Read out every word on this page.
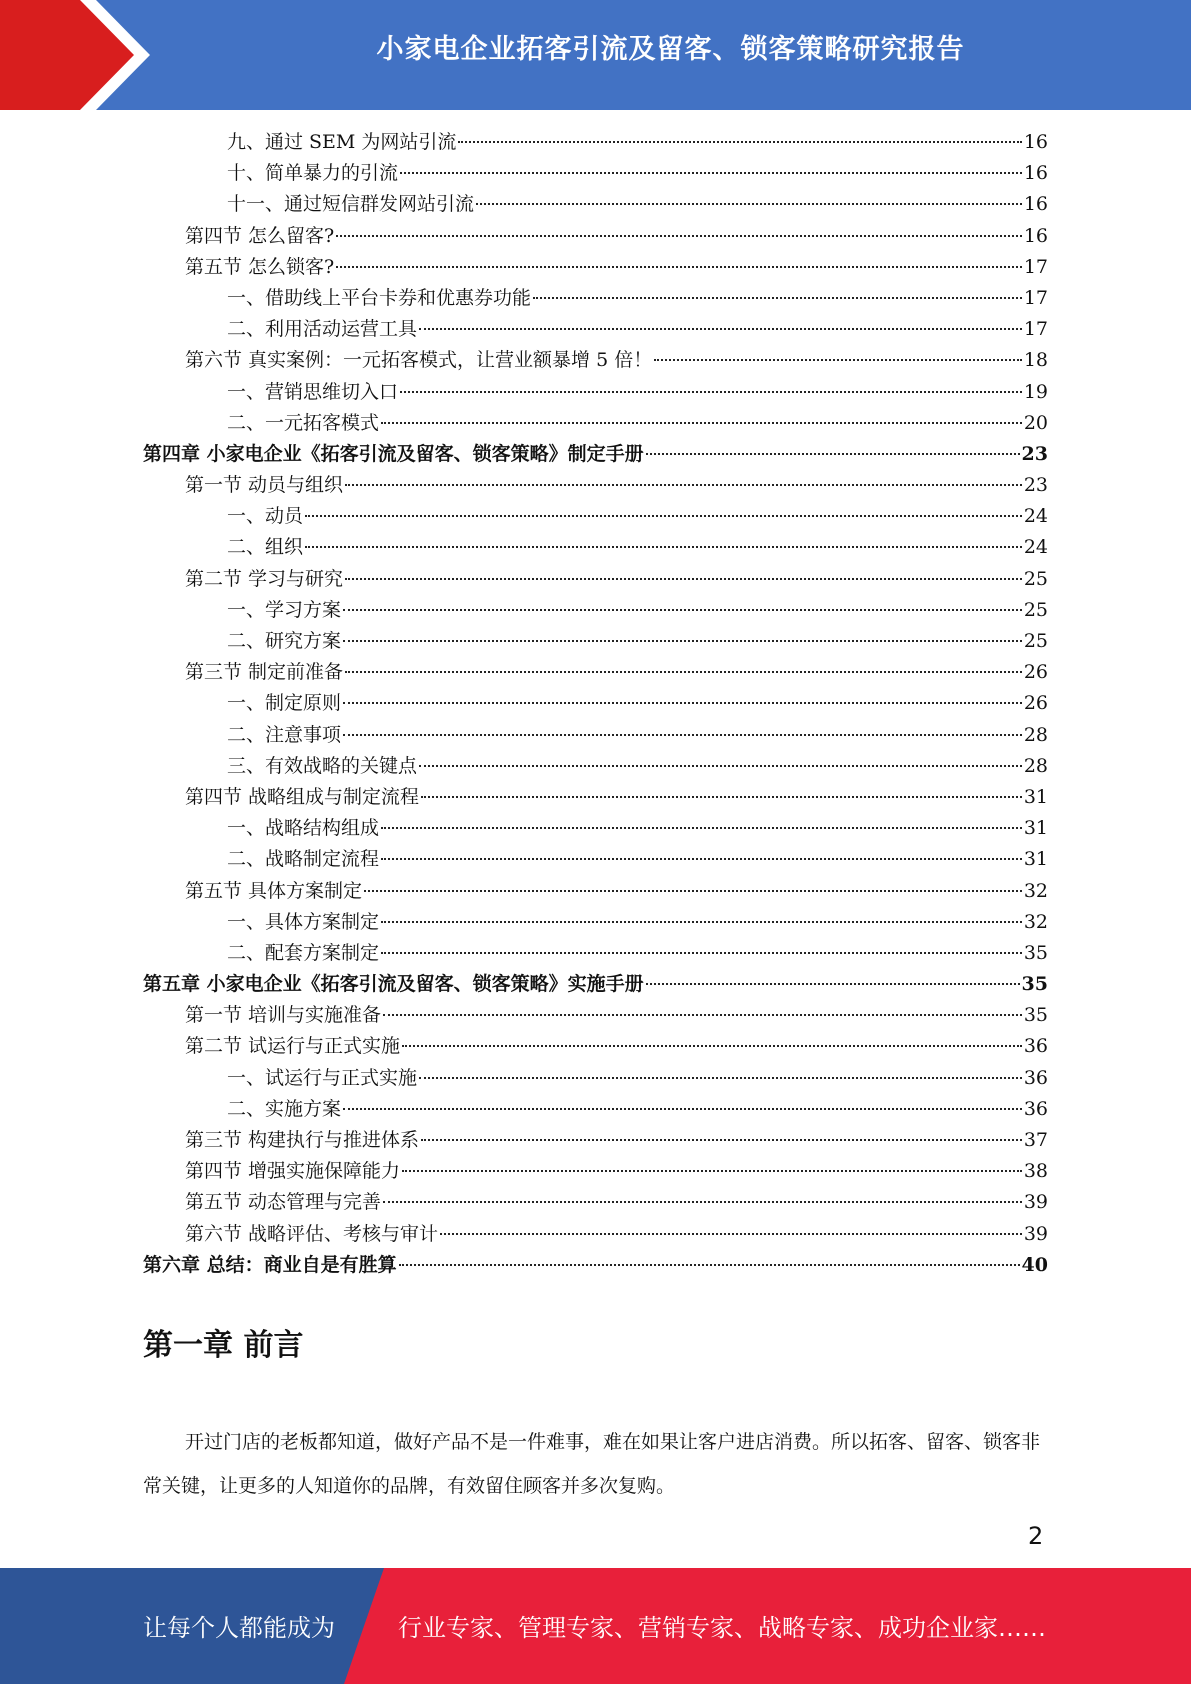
小家电企业拓客引流及留客、锁客策略研究报告
九、通过 SEM 为网站引流	16
十、简单暴力的引流	16
十一、通过短信群发网站引流	16
第四节 怎么留客?	16
第五节 怎么锁客?	17
一、借助线上平台卡券和优惠券功能	17
二、利用活动运营工具	17
第六节 真实案例：一元拓客模式，让营业额暴增 5 倍！	18
一、营销思维切入口	19
二、一元拓客模式	20
第四章 小家电企业《拓客引流及留客、锁客策略》制定手册	23
第一节 动员与组织	23
一、动员	24
二、组织	24
第二节 学习与研究	25
一、学习方案	25
二、研究方案	25
第三节 制定前准备	26
一、制定原则	26
二、注意事项	28
三、有效战略的关键点	28
第四节 战略组成与制定流程	31
一、战略结构组成	31
二、战略制定流程	31
第五节 具体方案制定	32
一、具体方案制定	32
二、配套方案制定	35
第五章 小家电企业《拓客引流及留客、锁客策略》实施手册	35
第一节 培训与实施准备	35
第二节 试运行与正式实施	36
一、试运行与正式实施	36
二、实施方案	36
第三节 构建执行与推进体系	37
第四节 增强实施保障能力	38
第五节 动态管理与完善	39
第六节 战略评估、考核与审计	39
第六章 总结：商业自是有胜算	40
第一章 前言

开过门店的老板都知道，做好产品不是一件难事，难在如果让客户进店消费。所以拓客、留客、锁客非常关键，让更多的人知道你的品牌，有效留住顾客并多次复购。

2
让每个人都能成为	行业专家、管理专家、营销专家、战略专家、成功企业家……
